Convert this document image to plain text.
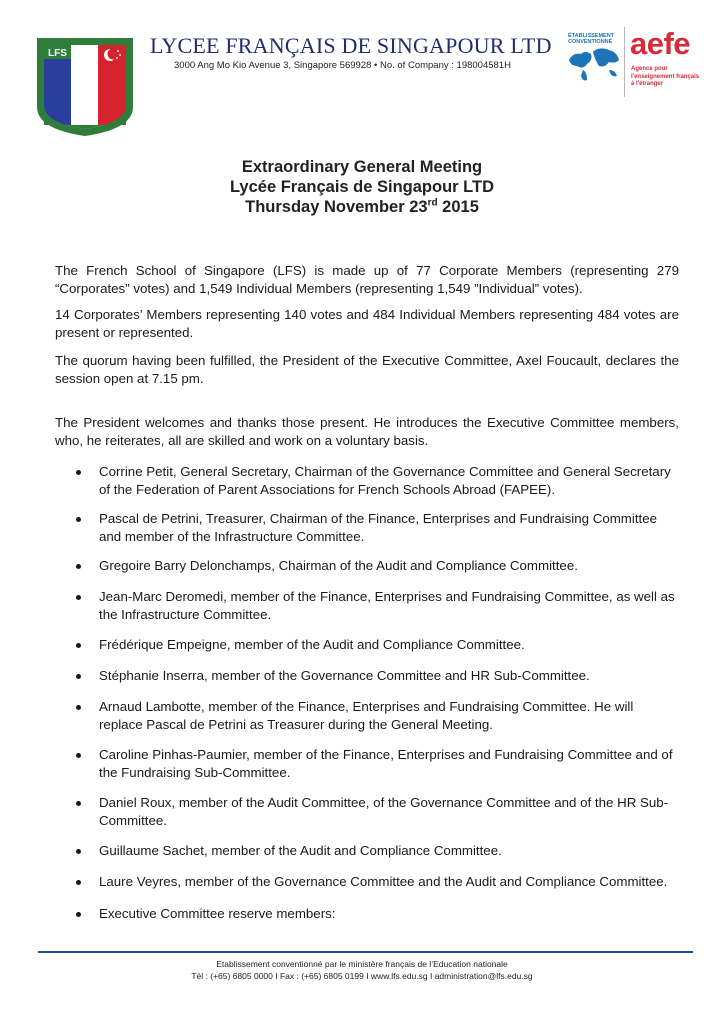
LFS	LYCEE FRANÇAIS DE SINGAPOUR LTD
3000 Ang Mo Kio Avenue 3, Singapore 569928 • No. of Company : 198004581H
ÉTABLISSEMENT
CONVENTIONNÉ aefe
Agence pour
l'enseignement français
à l'étranger
Extraordinary General Meeting
Lycée Français de Singapour LTD
Thursday November 23rd 2015
The French School of Singapore (LFS) is made up of 77 Corporate Members (representing 279 “Corporates” votes) and 1,549 Individual Members (representing 1,549 ”Individual” votes).
14 Corporates’ Members representing 140 votes and 484 Individual Members representing 484 votes are present or represented.
The quorum having been fulfilled, the President of the Executive Committee, Axel Foucault, declares the session open at 7.15 pm.
The President welcomes and thanks those present. He introduces the Executive Committee members, who, he reiterates, all are skilled and work on a voluntary basis.
Corrine Petit, General Secretary, Chairman of the Governance Committee and General Secretary of the Federation of Parent Associations for French Schools Abroad (FAPEE).
Pascal de Petrini, Treasurer, Chairman of the Finance, Enterprises and Fundraising Committee and member of the Infrastructure Committee.
Gregoire Barry Delonchamps, Chairman of the Audit and Compliance Committee.
Jean-Marc Deromedi, member of the Finance, Enterprises and Fundraising Committee, as well as the Infrastructure Committee.
Frédérique Empeigne, member of the Audit and Compliance Committee.
Stéphanie Inserra, member of the Governance Committee and HR Sub-Committee.
Arnaud Lambotte, member of the Finance, Enterprises and Fundraising Committee. He will replace Pascal de Petrini as Treasurer during the General Meeting.
Caroline Pinhas-Paumier, member of the Finance, Enterprises and Fundraising Committee and of the Fundraising Sub-Committee.
Daniel Roux, member of the Audit Committee, of the Governance Committee and of the HR Sub-Committee.
Guillaume Sachet, member of the Audit and Compliance Committee.
Laure Veyres, member of the Governance Committee and the Audit and Compliance Committee.
Executive Committee reserve members:
Etablissement conventionné par le ministère français de l’Education nationale
Tél : (+65) 6805 0000 I Fax : (+65) 6805 0199 I www.lfs.edu.sg I administration@lfs.edu.sg
